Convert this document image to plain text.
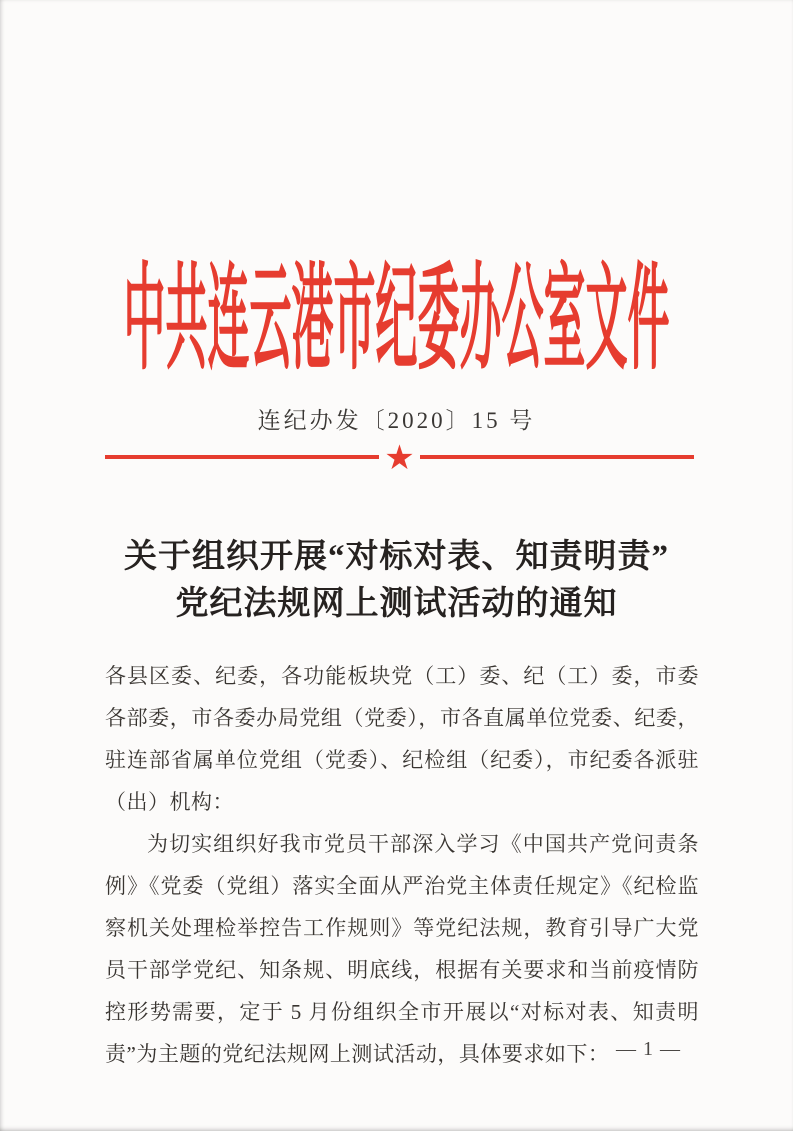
中共连云港市纪委办公室文件
连纪办发〔2020〕15 号
★
关于组织开展“对标对表、知责明责”
党纪法规网上测试活动的通知

各县区委、纪委，各功能板块党（工）委、纪（工）委，市委各部委，市各委办局党组（党委），市各直属单位党委、纪委，驻连部省属单位党组（党委）、纪检组（纪委），市纪委各派驻（出）机构：

为切实组织好我市党员干部深入学习《中国共产党问责条例》《党委（党组）落实全面从严治党主体责任规定》《纪检监察机关处理检举控告工作规则》等党纪法规，教育引导广大党员干部学党纪、知条规、明底线，根据有关要求和当前疫情防控形势需要，定于 5 月份组织全市开展以“对标对表、知责明责”为主题的党纪法规网上测试活动，具体要求如下： — 1 —
